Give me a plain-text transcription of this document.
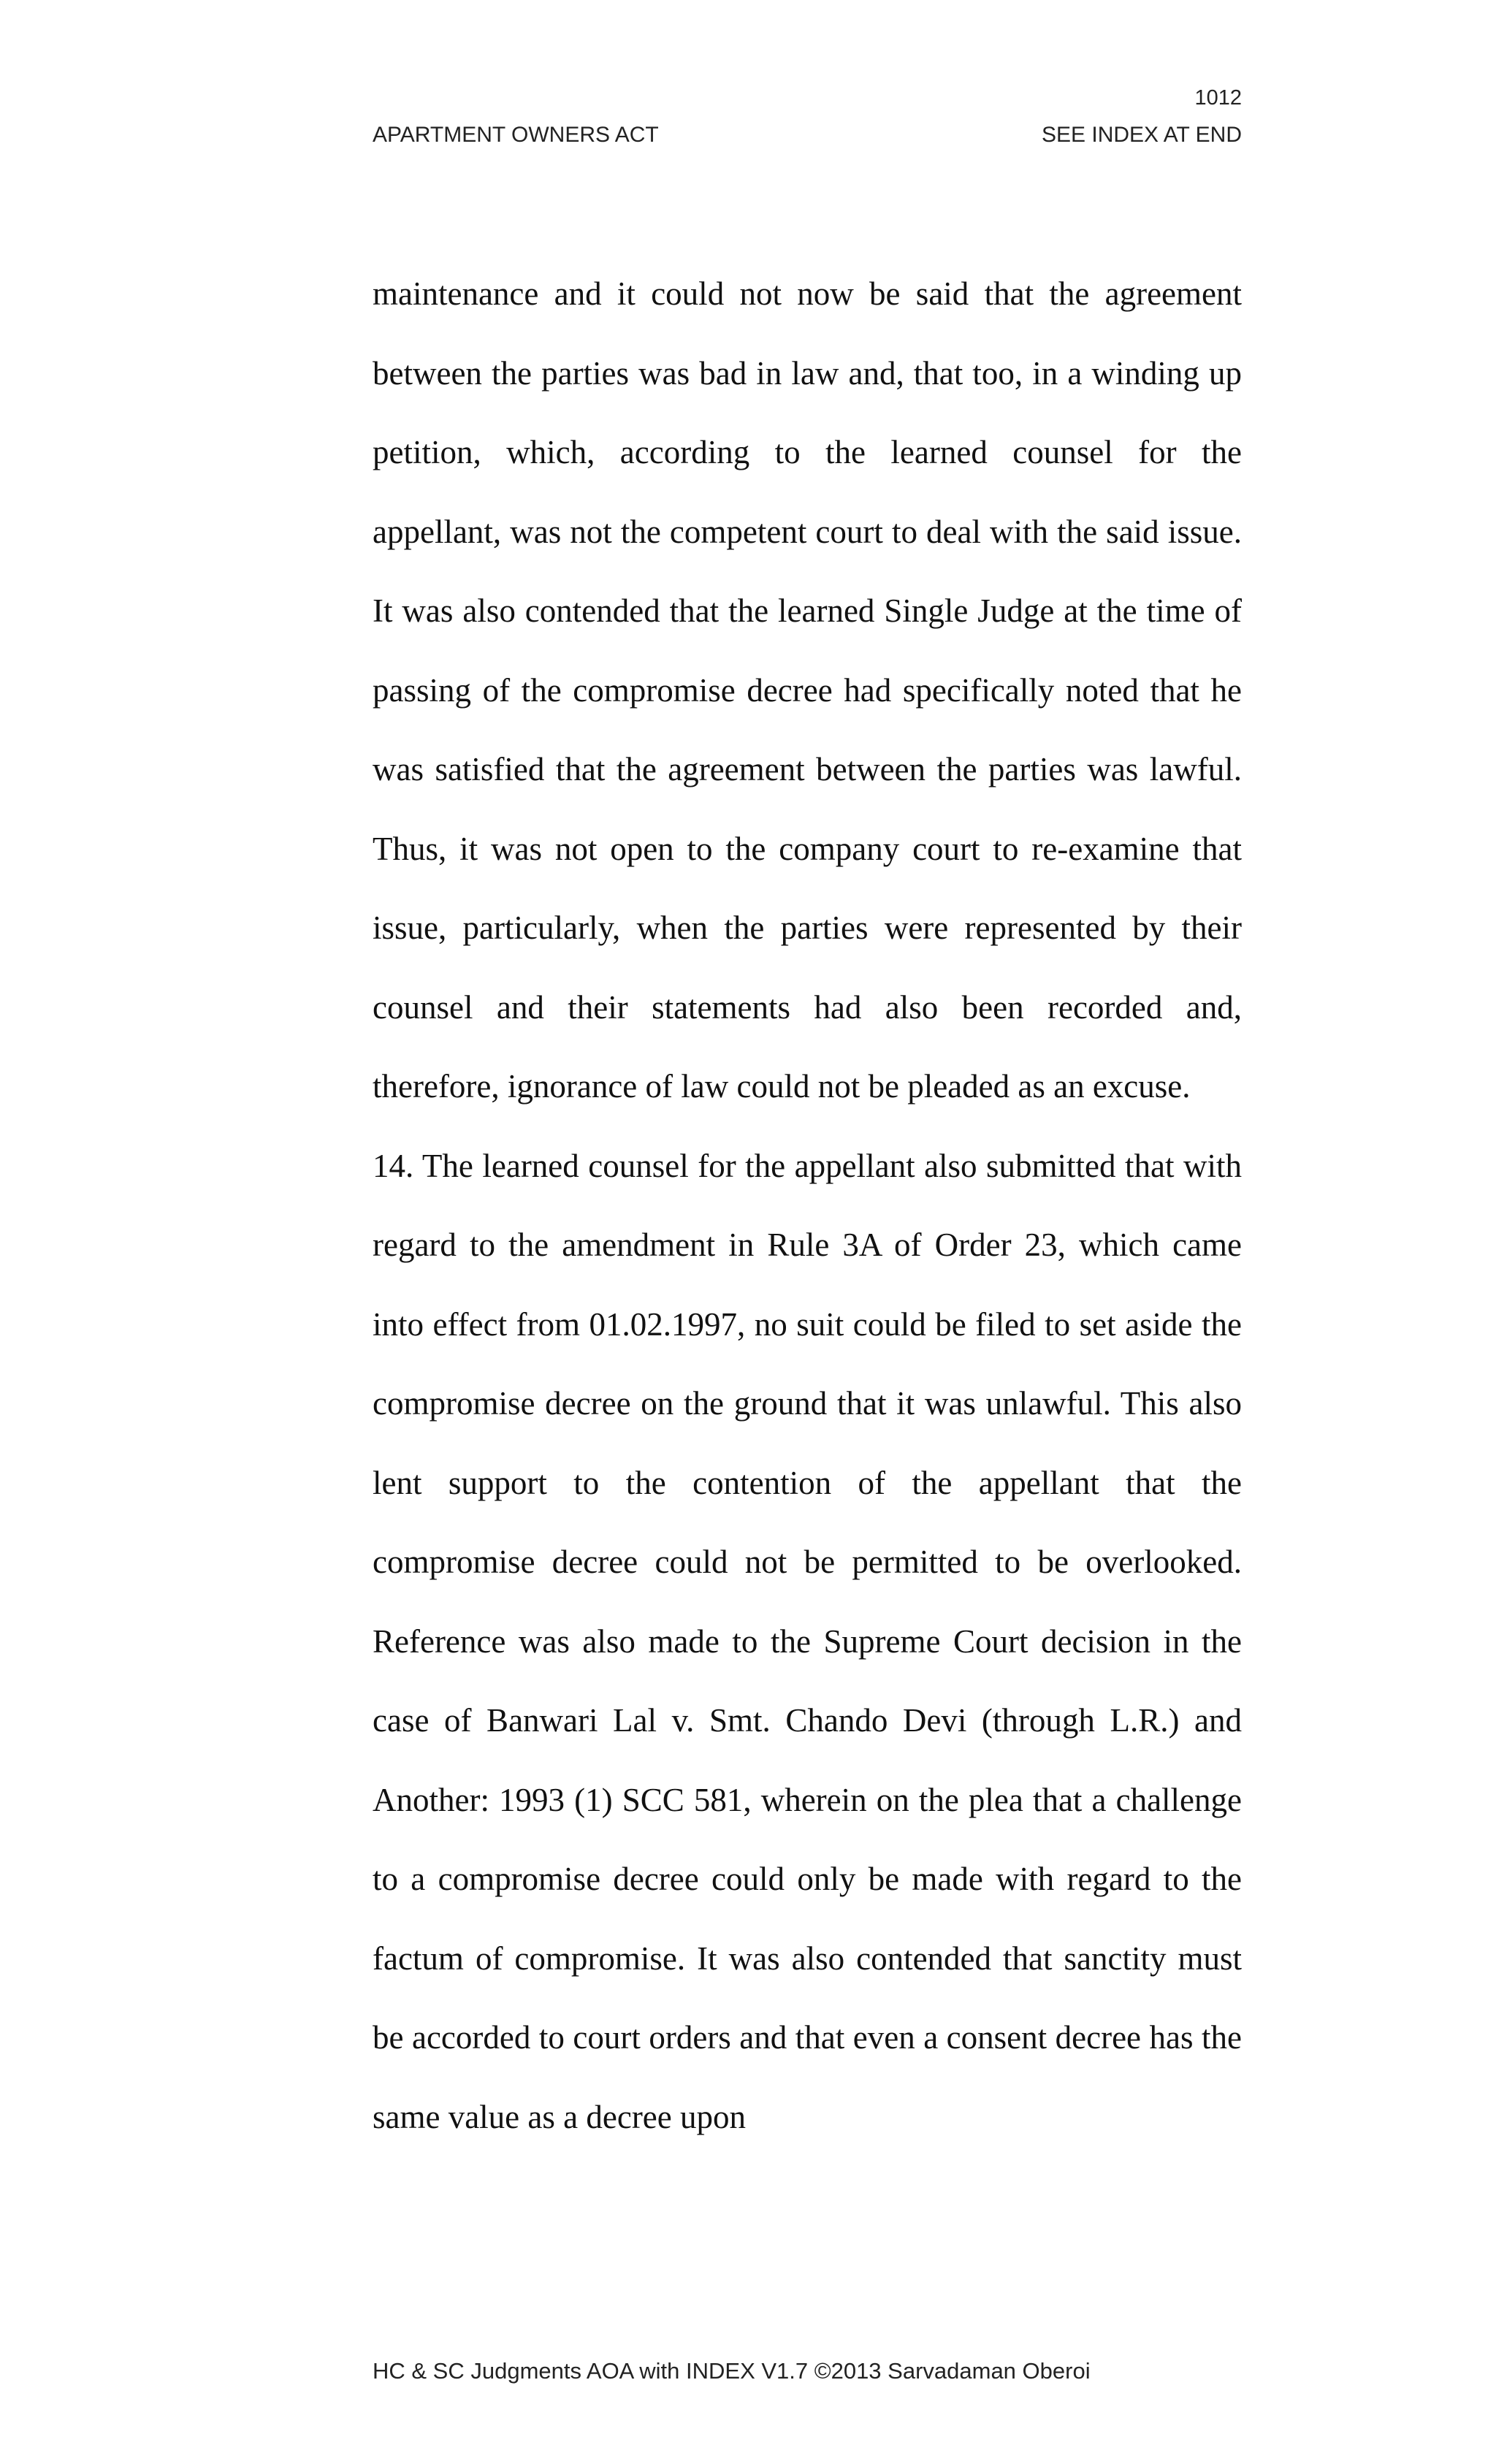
1012
APARTMENT OWNERS ACT	SEE INDEX AT END

maintenance and it could not now be said that the agreement between the parties was bad in law and, that too, in a winding up petition, which, according to the learned counsel for the appellant, was not the competent court to deal with the said issue. It was also contended that the learned Single Judge at the time of passing of the compromise decree had specifically noted that he was satisfied that the agreement between the parties was lawful. Thus, it was not open to the company court to re-examine that issue, particularly, when the parties were represented by their counsel and their statements had also been recorded and, therefore, ignorance of law could not be pleaded as an excuse.

14. The learned counsel for the appellant also submitted that with regard to the amendment in Rule 3A of Order 23, which came into effect from 01.02.1997, no suit could be filed to set aside the compromise decree on the ground that it was unlawful. This also lent support to the contention of the appellant that the compromise decree could not be permitted to be overlooked. Reference was also made to the Supreme Court decision in the case of Banwari Lal v. Smt. Chando Devi (through L.R.) and Another: 1993 (1) SCC 581, wherein on the plea that a challenge to a compromise decree could only be made with regard to the factum of compromise. It was also contended that sanctity must be accorded to court orders and that even a consent decree has the same value as a decree upon

HC & SC Judgments AOA with INDEX V1.7 ©2013 Sarvadaman Oberoi
